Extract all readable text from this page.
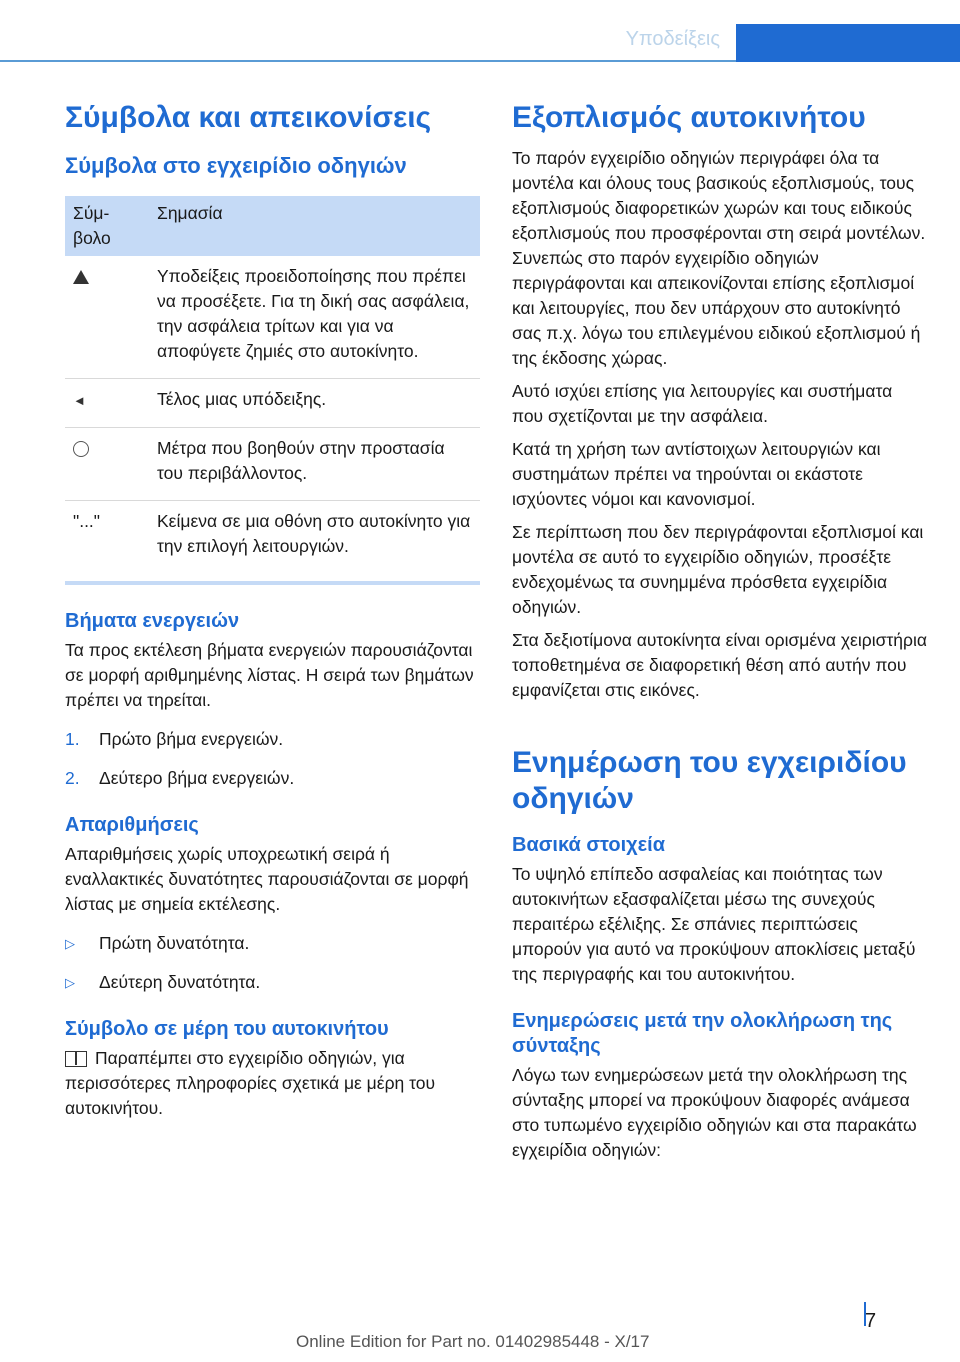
Υποδείξεις
Σύμβολα και απεικονίσεις
Σύμβολα στο εγχειρίδιο οδηγιών
Σύμ-βολο	Σημασία
	Υποδείξεις προειδοποίησης που πρέπει να προσέξετε. Για τη δική σας ασφάλεια, την ασφάλεια τρίτων και για να αποφύγετε ζημιές στο αυτοκίνητο.
◄	Τέλος μιας υπόδειξης.
	Μέτρα που βοηθούν στην προστασία του περιβάλλοντος.
"..."	Κείμενα σε μια οθόνη στο αυτοκίνητο για την επιλογή λειτουργιών.
Βήματα ενεργειών

Τα προς εκτέλεση βήματα ενεργειών παρουσιάζονται σε μορφή αριθμημένης λίστας. Η σειρά των βημάτων πρέπει να τηρείται.

1.	Πρώτο βήμα ενεργειών.
2.	Δεύτερο βήμα ενεργειών.
Απαριθμήσεις

Απαριθμήσεις χωρίς υποχρεωτική σειρά ή εναλλακτικές δυνατότητες παρουσιάζονται σε μορφή λίστας με σημεία εκτέλεσης.

▷	Πρώτη δυνατότητα.
▷	Δεύτερη δυνατότητα.
Σύμβολο σε μέρη του αυτοκινήτου

Παραπέμπει στο εγχειρίδιο οδηγιών, για περισσότερες πληροφορίες σχετικά με μέρη του αυτοκινήτου.

Εξοπλισμός αυτοκινήτου

Το παρόν εγχειρίδιο οδηγιών περιγράφει όλα τα μοντέλα και όλους τους βασικούς εξοπλισμούς, τους εξοπλισμούς διαφορετικών χωρών και τους ειδικούς εξοπλισμούς που προσφέρονται στη σειρά μοντέλων. Συνεπώς στο παρόν εγχειρίδιο οδηγιών περιγράφονται και απεικονίζονται επίσης εξοπλισμοί και λειτουργίες, που δεν υπάρχουν στο αυτοκίνητό σας π.χ. λόγω του επιλεγμένου ειδικού εξοπλισμού ή της έκδοσης χώρας.

Αυτό ισχύει επίσης για λειτουργίες και συστήματα που σχετίζονται με την ασφάλεια.

Κατά τη χρήση των αντίστοιχων λειτουργιών και συστημάτων πρέπει να τηρούνται οι εκάστοτε ισχύοντες νόμοι και κανονισμοί.

Σε περίπτωση που δεν περιγράφονται εξοπλισμοί και μοντέλα σε αυτό το εγχειρίδιο οδηγιών, προσέξτε ενδεχομένως τα συνημμένα πρόσθετα εγχειρίδια οδηγιών.

Στα δεξιοτίμονα αυτοκίνητα είναι ορισμένα χειριστήρια τοποθετημένα σε διαφορετική θέση από αυτήν που εμφανίζεται στις εικόνες.

Ενημέρωση του εγχειριδίου οδηγιών
Βασικά στοιχεία

Το υψηλό επίπεδο ασφαλείας και ποιότητας των αυτοκινήτων εξασφαλίζεται μέσω της συνεχούς περαιτέρω εξέλιξης. Σε σπάνιες περιπτώσεις μπορούν για αυτό να προκύψουν αποκλίσεις μεταξύ της περιγραφής και του αυτοκινήτου.

Ενημερώσεις μετά την ολοκλήρωση της σύνταξης

Λόγω των ενημερώσεων μετά την ολοκλήρωση της σύνταξης μπορεί να προκύψουν διαφορές ανάμεσα στο τυπωμένο εγχειρίδιο οδηγιών και στα παρακάτω εγχειρίδια οδηγιών:

7
Online Edition for Part no. 01402985448 - X/17
